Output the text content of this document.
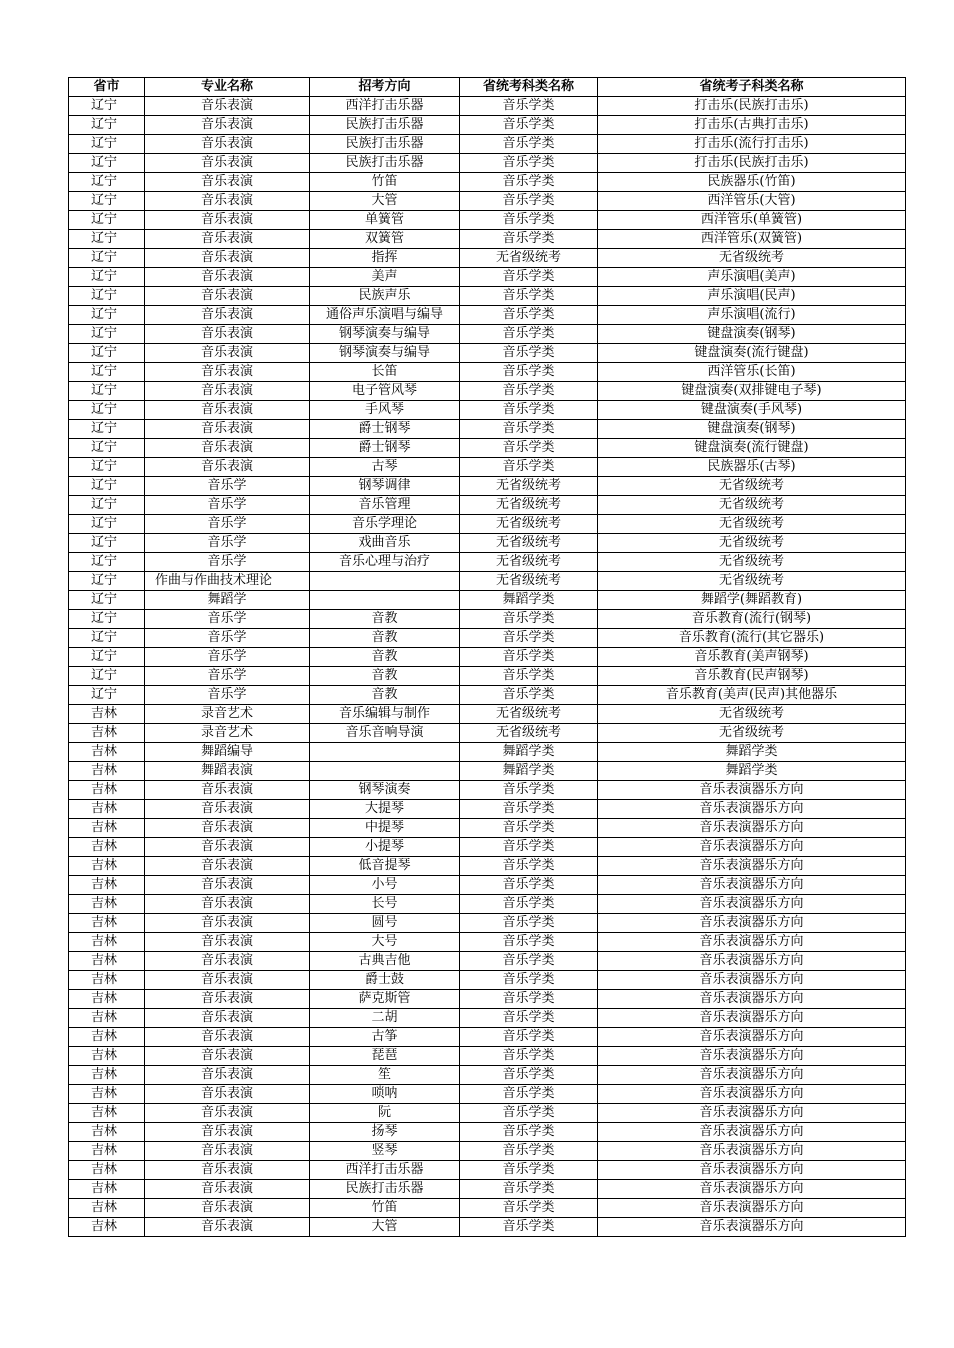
省市	专业名称	招考方向	省统考科类名称	省统考子科类名称
辽宁	音乐表演	西洋打击乐器	音乐学类	打击乐(民族打击乐)
辽宁	音乐表演	民族打击乐器	音乐学类	打击乐(古典打击乐)
辽宁	音乐表演	民族打击乐器	音乐学类	打击乐(流行打击乐)
辽宁	音乐表演	民族打击乐器	音乐学类	打击乐(民族打击乐)
辽宁	音乐表演	竹笛	音乐学类	民族器乐(竹笛)
辽宁	音乐表演	大管	音乐学类	西洋管乐(大管)
辽宁	音乐表演	单簧管	音乐学类	西洋管乐(单簧管)
辽宁	音乐表演	双簧管	音乐学类	西洋管乐(双簧管)
辽宁	音乐表演	指挥	无省级统考	无省级统考
辽宁	音乐表演	美声	音乐学类	声乐演唱(美声)
辽宁	音乐表演	民族声乐	音乐学类	声乐演唱(民声)
辽宁	音乐表演	通俗声乐演唱与编导	音乐学类	声乐演唱(流行)
辽宁	音乐表演	钢琴演奏与编导	音乐学类	键盘演奏(钢琴)
辽宁	音乐表演	钢琴演奏与编导	音乐学类	键盘演奏(流行键盘)
辽宁	音乐表演	长笛	音乐学类	西洋管乐(长笛)
辽宁	音乐表演	电子管风琴	音乐学类	键盘演奏(双排键电子琴)
辽宁	音乐表演	手风琴	音乐学类	键盘演奏(手风琴)
辽宁	音乐表演	爵士钢琴	音乐学类	键盘演奏(钢琴)
辽宁	音乐表演	爵士钢琴	音乐学类	键盘演奏(流行键盘)
辽宁	音乐表演	古琴	音乐学类	民族器乐(古琴)
辽宁	音乐学	钢琴调律	无省级统考	无省级统考
辽宁	音乐学	音乐管理	无省级统考	无省级统考
辽宁	音乐学	音乐学理论	无省级统考	无省级统考
辽宁	音乐学	戏曲音乐	无省级统考	无省级统考
辽宁	音乐学	音乐心理与治疗	无省级统考	无省级统考
辽宁	作曲与作曲技术理论		无省级统考	无省级统考
辽宁	舞蹈学		舞蹈学类	舞蹈学(舞蹈教育)
辽宁	音乐学	音教	音乐学类	音乐教育(流行(钢琴)
辽宁	音乐学	音教	音乐学类	音乐教育(流行(其它器乐)
辽宁	音乐学	音教	音乐学类	音乐教育(美声钢琴)
辽宁	音乐学	音教	音乐学类	音乐教育(民声钢琴)
辽宁	音乐学	音教	音乐学类	音乐教育(美声(民声)其他器乐
吉林	录音艺术	音乐编辑与制作	无省级统考	无省级统考
吉林	录音艺术	音乐音响导演	无省级统考	无省级统考
吉林	舞蹈编导		舞蹈学类	舞蹈学类
吉林	舞蹈表演		舞蹈学类	舞蹈学类
吉林	音乐表演	钢琴演奏	音乐学类	音乐表演器乐方向
吉林	音乐表演	大提琴	音乐学类	音乐表演器乐方向
吉林	音乐表演	中提琴	音乐学类	音乐表演器乐方向
吉林	音乐表演	小提琴	音乐学类	音乐表演器乐方向
吉林	音乐表演	低音提琴	音乐学类	音乐表演器乐方向
吉林	音乐表演	小号	音乐学类	音乐表演器乐方向
吉林	音乐表演	长号	音乐学类	音乐表演器乐方向
吉林	音乐表演	圆号	音乐学类	音乐表演器乐方向
吉林	音乐表演	大号	音乐学类	音乐表演器乐方向
吉林	音乐表演	古典吉他	音乐学类	音乐表演器乐方向
吉林	音乐表演	爵士鼓	音乐学类	音乐表演器乐方向
吉林	音乐表演	萨克斯管	音乐学类	音乐表演器乐方向
吉林	音乐表演	二胡	音乐学类	音乐表演器乐方向
吉林	音乐表演	古筝	音乐学类	音乐表演器乐方向
吉林	音乐表演	琵琶	音乐学类	音乐表演器乐方向
吉林	音乐表演	笙	音乐学类	音乐表演器乐方向
吉林	音乐表演	唢呐	音乐学类	音乐表演器乐方向
吉林	音乐表演	阮	音乐学类	音乐表演器乐方向
吉林	音乐表演	扬琴	音乐学类	音乐表演器乐方向
吉林	音乐表演	竖琴	音乐学类	音乐表演器乐方向
吉林	音乐表演	西洋打击乐器	音乐学类	音乐表演器乐方向
吉林	音乐表演	民族打击乐器	音乐学类	音乐表演器乐方向
吉林	音乐表演	竹笛	音乐学类	音乐表演器乐方向
吉林	音乐表演	大管	音乐学类	音乐表演器乐方向
